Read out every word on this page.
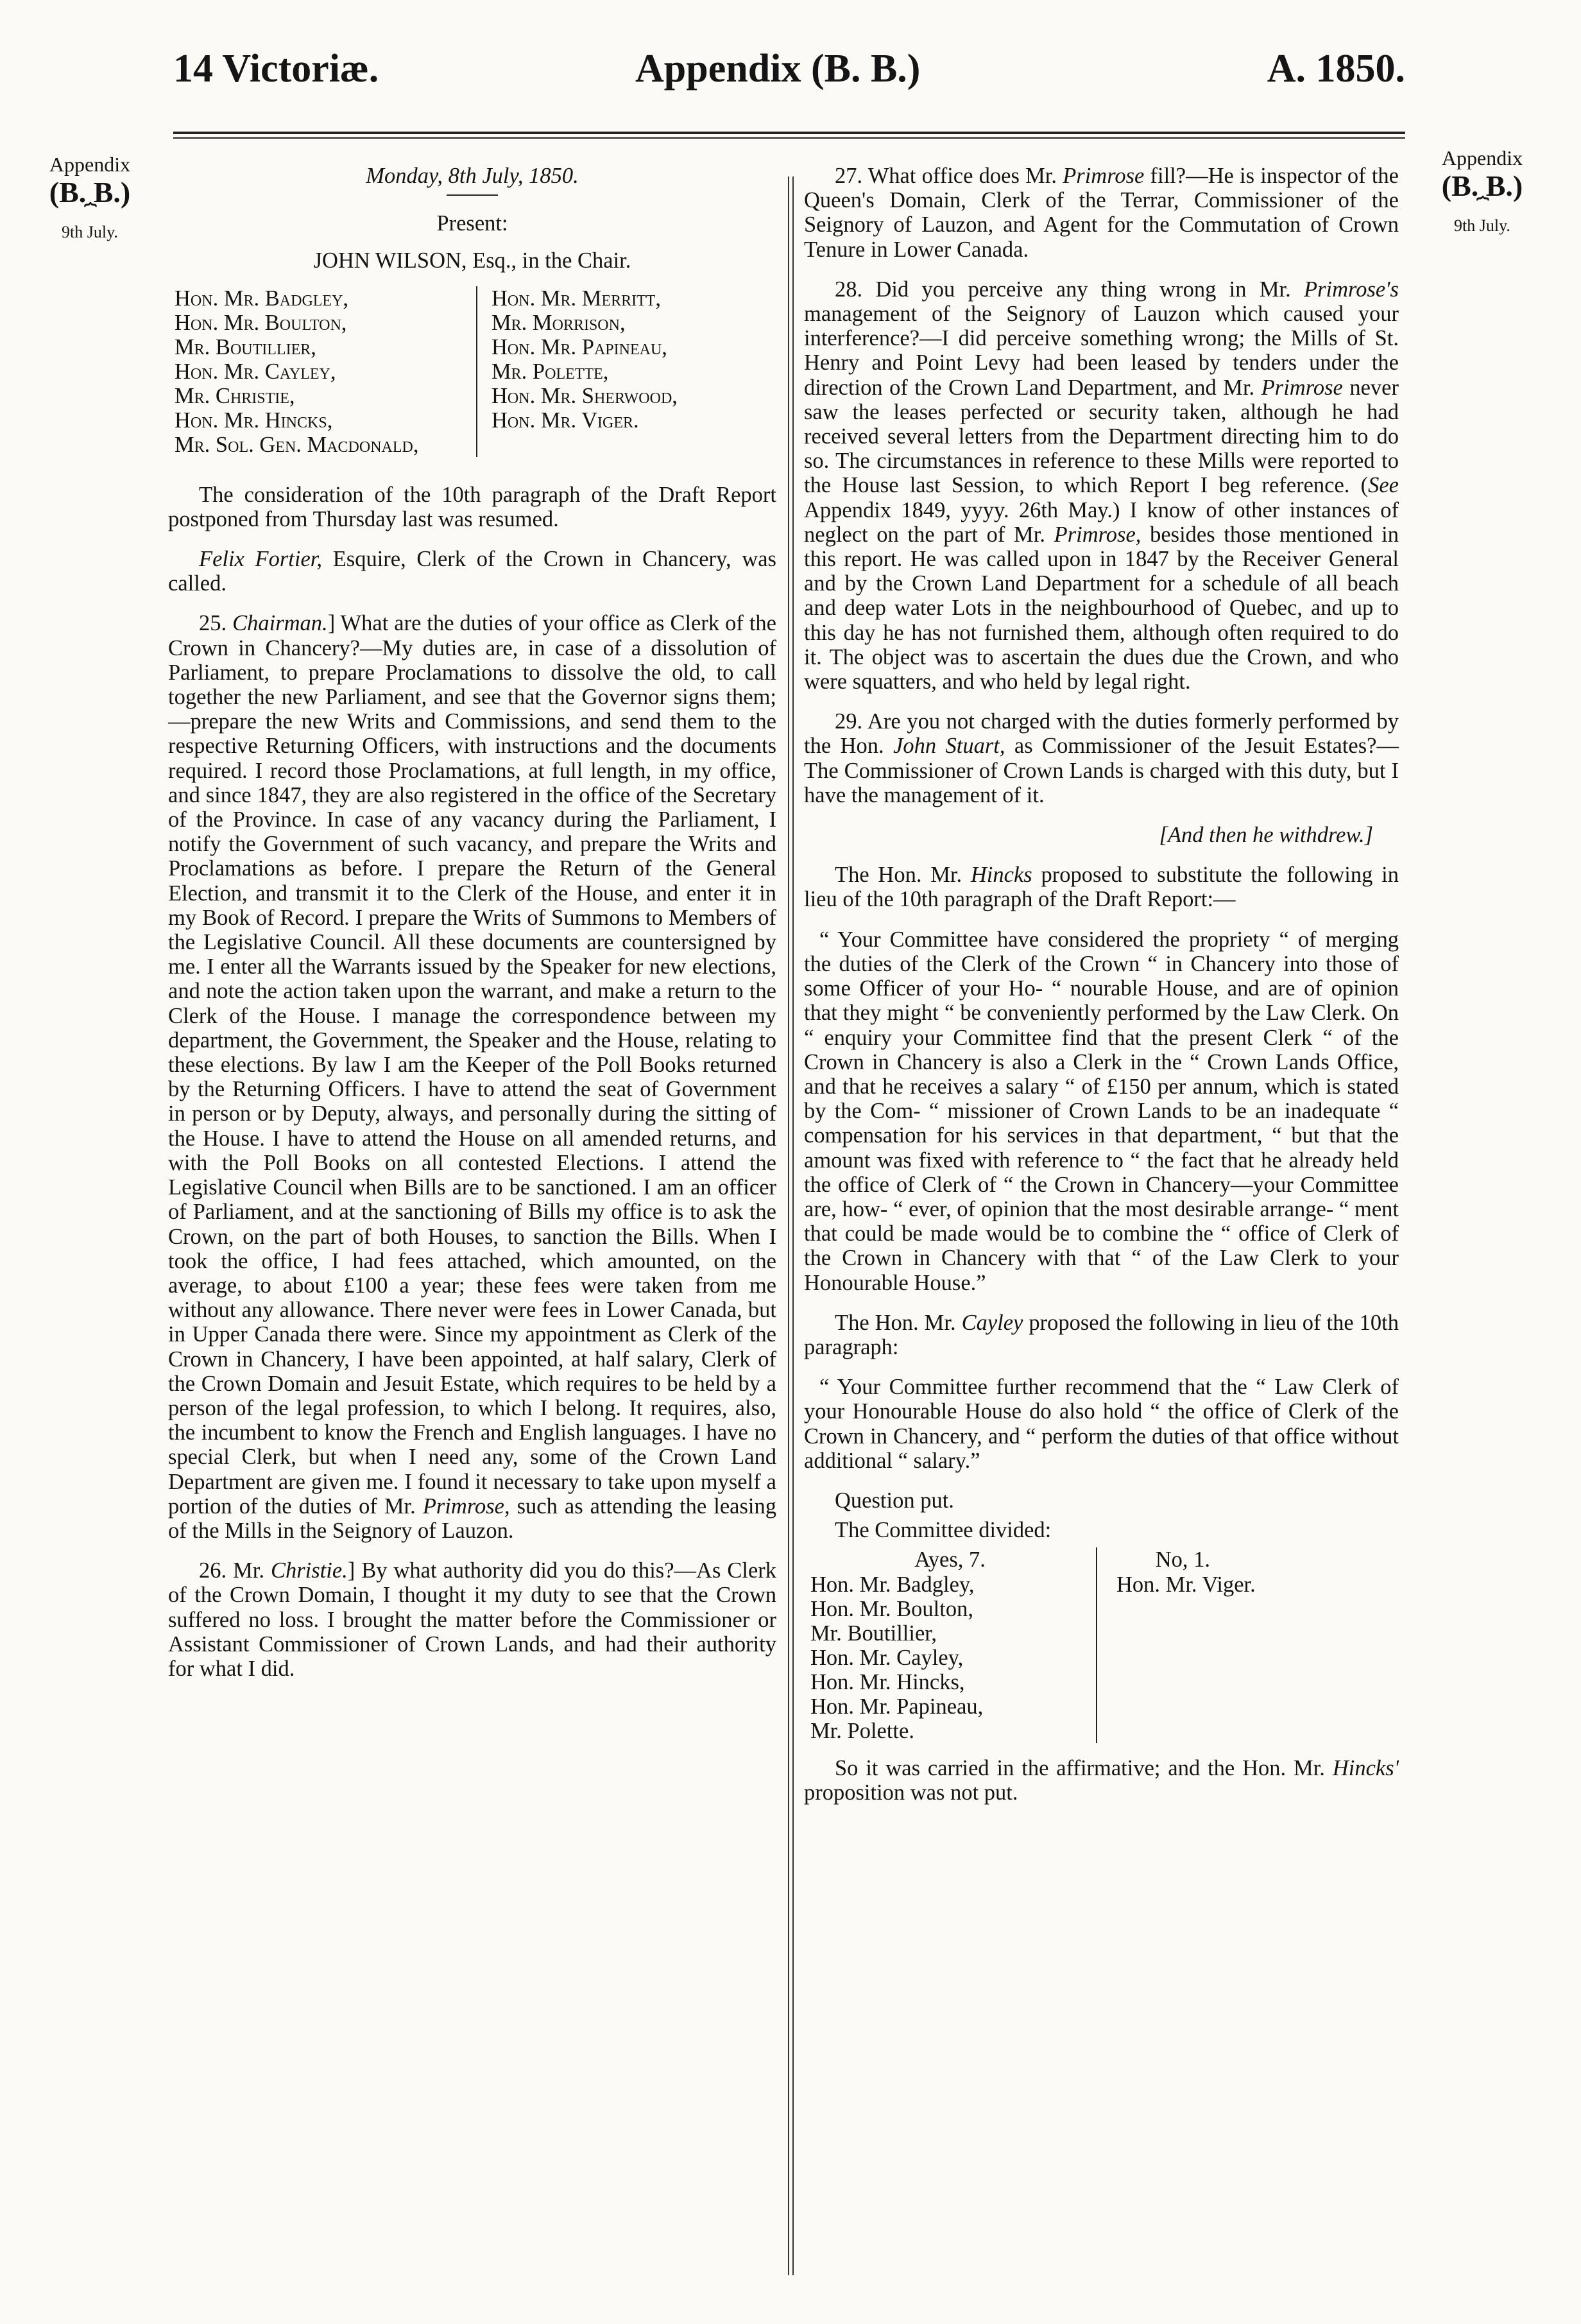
14 Victoriæ.	Appendix (B. B.)	A. 1850.
Appendix
(B. B.)
⏞
9th July.
Appendix
(B. B.)
⏞
9th July.
Monday, 8th July, 1850.
Present:
JOHN WILSON, Esq., in the Chair.
Hon. Mr. Badgley,
Hon. Mr. Boulton,
Mr. Boutillier,
Hon. Mr. Cayley,
Mr. Christie,
Hon. Mr. Hincks,
Mr. Sol. Gen. Macdonald,
Hon. Mr. Merritt,
Mr. Morrison,
Hon. Mr. Papineau,
Mr. Polette,
Hon. Mr. Sherwood,
Hon. Mr. Viger.

The consideration of the 10th paragraph of the Draft Report postponed from Thursday last was resumed.

Felix Fortier, Esquire, Clerk of the Crown in Chancery, was called.

25. Chairman.] What are the duties of your office as Clerk of the Crown in Chancery?—My duties are, in case of a dissolution of Parliament, to prepare Proclamations to dissolve the old, to call together the new Parliament, and see that the Governor signs them;—prepare the new Writs and Commissions, and send them to the respective Returning Officers, with instructions and the documents required. I record those Proclamations, at full length, in my office, and since 1847, they are also registered in the office of the Secretary of the Province. In case of any vacancy during the Parliament, I notify the Government of such vacancy, and prepare the Writs and Proclamations as before. I prepare the Return of the General Election, and transmit it to the Clerk of the House, and enter it in my Book of Record. I prepare the Writs of Summons to Members of the Legislative Council. All these documents are countersigned by me. I enter all the Warrants issued by the Speaker for new elections, and note the action taken upon the warrant, and make a return to the Clerk of the House. I manage the correspondence between my department, the Government, the Speaker and the House, relating to these elections. By law I am the Keeper of the Poll Books returned by the Returning Officers. I have to attend the seat of Government in person or by Deputy, always, and personally during the sitting of the House. I have to attend the House on all amended returns, and with the Poll Books on all contested Elections. I attend the Legislative Council when Bills are to be sanctioned. I am an officer of Parliament, and at the sanctioning of Bills my office is to ask the Crown, on the part of both Houses, to sanction the Bills. When I took the office, I had fees attached, which amounted, on the average, to about £100 a year; these fees were taken from me without any allowance. There never were fees in Lower Canada, but in Upper Canada there were. Since my appointment as Clerk of the Crown in Chancery, I have been appointed, at half salary, Clerk of the Crown Domain and Jesuit Estate, which requires to be held by a person of the legal profession, to which I belong. It requires, also, the incumbent to know the French and English languages. I have no special Clerk, but when I need any, some of the Crown Land Department are given me. I found it necessary to take upon myself a portion of the duties of Mr. Primrose, such as attending the leasing of the Mills in the Seignory of Lauzon.

26. Mr. Christie.] By what authority did you do this?—As Clerk of the Crown Domain, I thought it my duty to see that the Crown suffered no loss. I brought the matter before the Commissioner or Assistant Commissioner of Crown Lands, and had their authority for what I did.

27. What office does Mr. Primrose fill?—He is inspector of the Queen's Domain, Clerk of the Terrar, Commissioner of the Seignory of Lauzon, and Agent for the Commutation of Crown Tenure in Lower Canada.

28. Did you perceive any thing wrong in Mr. Primrose's management of the Seignory of Lauzon which caused your interference?—I did perceive something wrong; the Mills of St. Henry and Point Levy had been leased by tenders under the direction of the Crown Land Department, and Mr. Primrose never saw the leases perfected or security taken, although he had received several letters from the Department directing him to do so. The circumstances in reference to these Mills were reported to the House last Session, to which Report I beg reference. (See Appendix 1849, yyyy. 26th May.) I know of other instances of neglect on the part of Mr. Primrose, besides those mentioned in this report. He was called upon in 1847 by the Receiver General and by the Crown Land Department for a schedule of all beach and deep water Lots in the neighbourhood of Quebec, and up to this day he has not furnished them, although often required to do it. The object was to ascertain the dues due the Crown, and who were squatters, and who held by legal right.

29. Are you not charged with the duties formerly performed by the Hon. John Stuart, as Commissioner of the Jesuit Estates?—The Commissioner of Crown Lands is charged with this duty, but I have the management of it.

[And then he withdrew.]

The Hon. Mr. Hincks proposed to substitute the following in lieu of the 10th paragraph of the Draft Report:—

“ Your Committee have considered the propriety “ of merging the duties of the Clerk of the Crown “ in Chancery into those of some Officer of your Ho- “ nourable House, and are of opinion that they might “ be conveniently performed by the Law Clerk. On “ enquiry your Committee find that the present Clerk “ of the Crown in Chancery is also a Clerk in the “ Crown Lands Office, and that he receives a salary “ of £150 per annum, which is stated by the Com- “ missioner of Crown Lands to be an inadequate “ compensation for his services in that department, “ but that the amount was fixed with reference to “ the fact that he already held the office of Clerk of “ the Crown in Chancery—your Committee are, how- “ ever, of opinion that the most desirable arrange- “ ment that could be made would be to combine the “ office of Clerk of the Crown in Chancery with that “ of the Law Clerk to your Honourable House.”

The Hon. Mr. Cayley proposed the following in lieu of the 10th paragraph:

“ Your Committee further recommend that the “ Law Clerk of your Honourable House do also hold “ the office of Clerk of the Crown in Chancery, and “ perform the duties of that office without additional “ salary.”

Question put.

The Committee divided:

Ayes, 7.
Hon. Mr. Badgley,
Hon. Mr. Boulton,
Mr. Boutillier,
Hon. Mr. Cayley,
Hon. Mr. Hincks,
Hon. Mr. Papineau,
Mr. Polette.
No, 1.
Hon. Mr. Viger.

So it was carried in the affirmative; and the Hon. Mr. Hincks' proposition was not put.
